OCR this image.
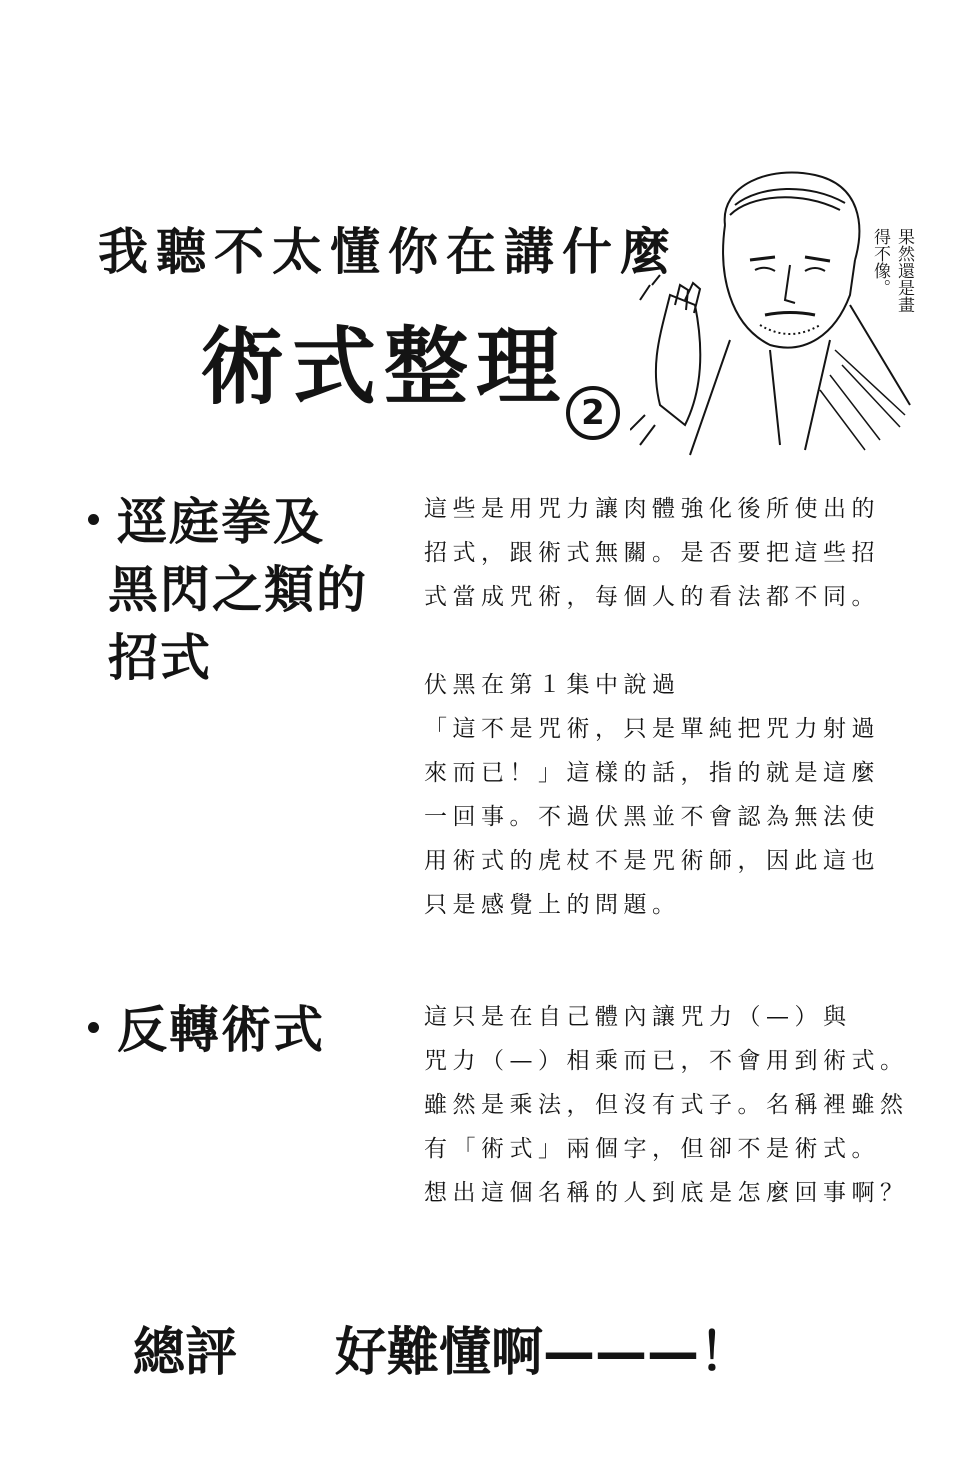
我聽不太懂你在講什麼
術式整理 2
果然還是畫
得不像。
逕庭拳及
黑閃之類的
招式

這些是用咒力讓肉體強化後所使出的

招式，跟術式無關。是否要把這些招

式當成咒術，每個人的看法都不同。

伏黑在第１集中說過

「這不是咒術，只是單純把咒力射過

來而已！」這樣的話，指的就是這麼

一回事。不過伏黑並不會認為無法使

用術式的虎杖不是咒術師，因此這也

只是感覺上的問題。

反轉術式	這只是在自己體內讓咒力（—）與

咒力（—）相乘而已，不會用到術式。

雖然是乘法，但沒有式子。名稱裡雖然

有「術式」兩個字，但卻不是術式。

想出這個名稱的人到底是怎麼回事啊？

總評 好難懂啊———！
